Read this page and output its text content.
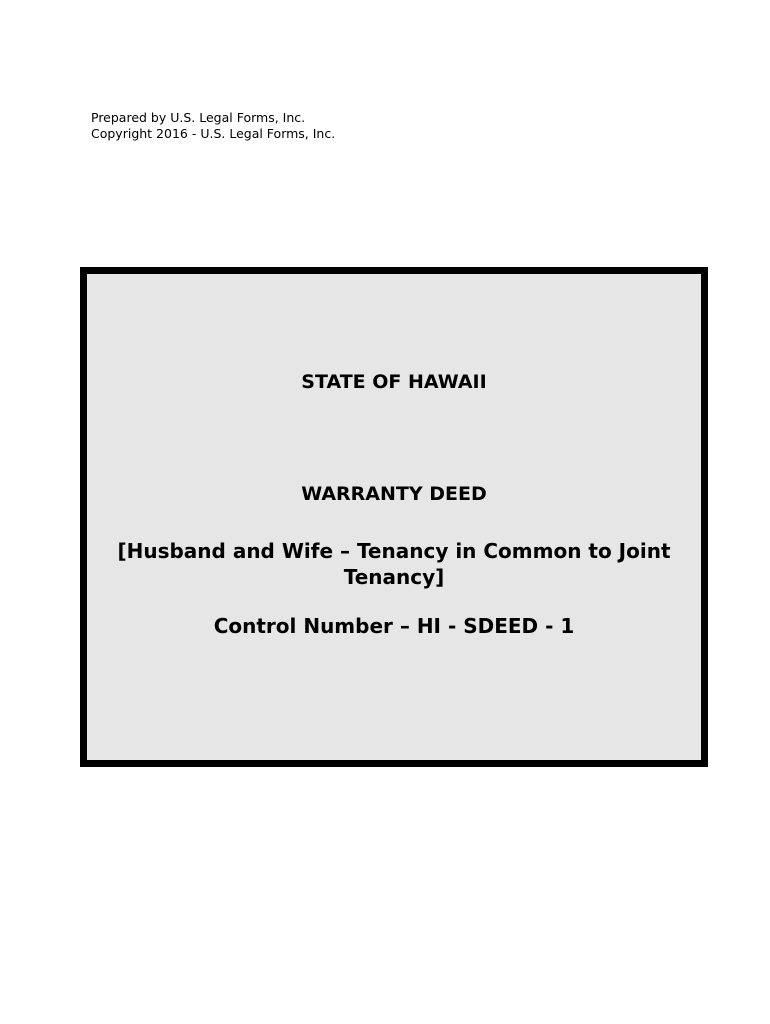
Prepared by U.S. Legal Forms, Inc.
Copyright 2016 - U.S. Legal Forms, Inc.
STATE OF HAWAII
WARRANTY DEED
[Husband and Wife – Tenancy in Common to Joint Tenancy]
Control Number – HI - SDEED - 1
